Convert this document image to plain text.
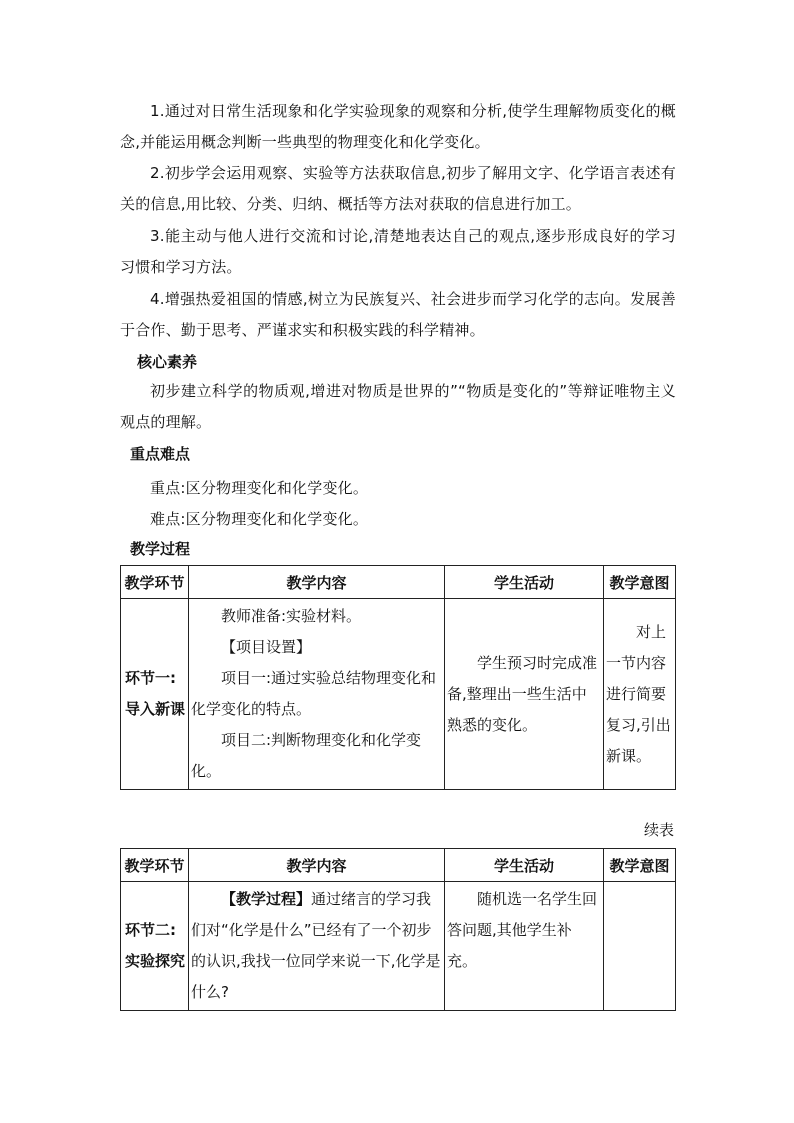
1.通过对日常生活现象和化学实验现象的观察和分析,使学生理解物质变化的概念,并能运用概念判断一些典型的物理变化和化学变化。

2.初步学会运用观察、实验等方法获取信息,初步了解用文字、化学语言表述有关的信息,用比较、分类、归纳、概括等方法对获取的信息进行加工。

3.能主动与他人进行交流和讨论,清楚地表达自己的观点,逐步形成良好的学习习惯和学习方法。

4.增强热爱祖国的情感,树立为民族复兴、社会进步而学习化学的志向。发展善于合作、勤于思考、严谨求实和积极实践的科学精神。

核心素养

初步建立科学的物质观,增进对物质是世界的”“物质是变化的”等辩证唯物主义观点的理解。

重点难点

重点:区分物理变化和化学变化。

难点:区分物理变化和化学变化。

教学过程
教学环节	教学内容	学生活动	教学意图
环节一:导入新课	教师准备:实验材料。

【项目设置】

项目一:通过实验总结物理变化和化学变化的特点。

项目二:判断物理变化和化学变化。	学生预习时完成准备,整理出一些生活中熟悉的变化。	对上一节内容进行简要复习,引出新课。
续表
教学环节	教学内容	学生活动	教学意图
环节二:实验探究	【教学过程】通过绪言的学习我们对“化学是什么”已经有了一个初步的认识,我找一位同学来说一下,化学是什么?	随机选一名学生回答问题,其他学生补充。	
